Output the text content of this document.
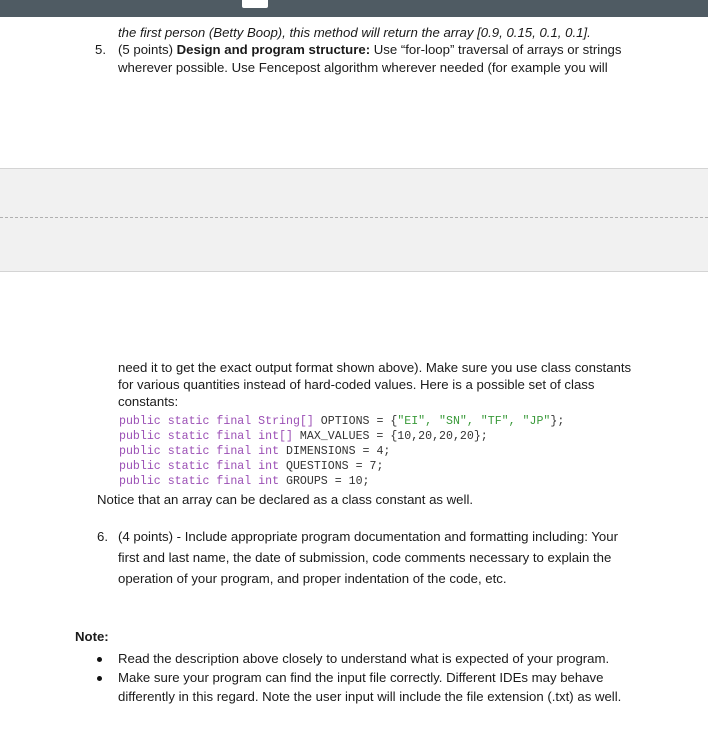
the first person (Betty Boop), this method will return the array [0.9, 0.15, 0.1, 0.1].
5. (5 points) Design and program structure: Use “for-loop” traversal of arrays or strings
wherever possible. Use Fencepost algorithm wherever needed (for example you will
need it to get the exact output format shown above). Make sure you use class constants
for various quantities instead of hard-coded values. Here is a possible set of class
constants:
public static final String[] OPTIONS = {"EI", "SN", "TF", "JP"};
public static final int[] MAX_VALUES = {10,20,20,20};
public static final int DIMENSIONS = 4;
public static final int QUESTIONS = 7;
public static final int GROUPS = 10;
Notice that an array can be declared as a class constant as well.
6. (4 points) - Include appropriate program documentation and formatting including: Your
first and last name, the date of submission, code comments necessary to explain the
operation of your program, and proper indentation of the code, etc.
Note:
Read the description above closely to understand what is expected of your program.
Make sure your program can find the input file correctly. Different IDEs may behave
differently in this regard. Note the user input will include the file extension (.txt) as well.
